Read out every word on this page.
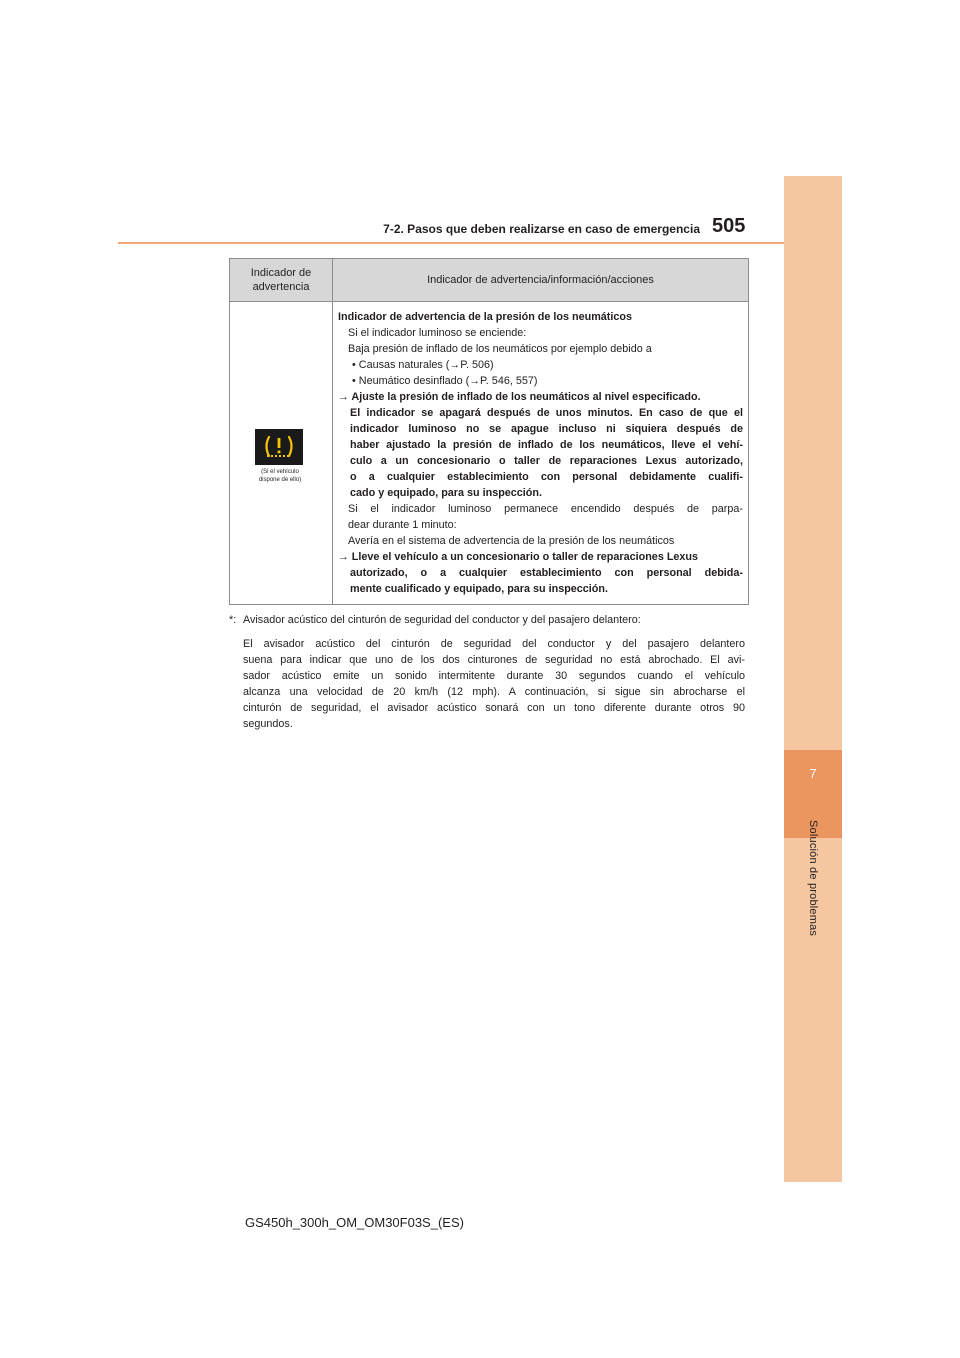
7
Solución de problemas
7-2. Pasos que deben realizarse en caso de emergencia 505
Indicador de advertencia
Indicador de advertencia/información/acciones
(Si el vehículo
dispone de ello)
Indicador de advertencia de la presión de los neumáticos
Si el indicador luminoso se enciende:
Baja presión de inflado de los neumáticos por ejemplo debido a
• Causas naturales (→P. 506)
• Neumático desinflado (→P. 546, 557)
→ Ajuste la presión de inflado de los neumáticos al nivel especificado.
El indicador se apagará después de unos minutos. En caso de que el
indicador luminoso no se apague incluso ni siquiera después de
haber ajustado la presión de inflado de los neumáticos, lleve el vehí-
culo a un concesionario o taller de reparaciones Lexus autorizado,
o a cualquier establecimiento con personal debidamente cualifi-
cado y equipado, para su inspección.
Si el indicador luminoso permanece encendido después de parpa-
dear durante 1 minuto:
Avería en el sistema de advertencia de la presión de los neumáticos
→ Lleve el vehículo a un concesionario o taller de reparaciones Lexus
autorizado, o a cualquier establecimiento con personal debida-
mente cualificado y equipado, para su inspección.
*: Avisador acústico del cinturón de seguridad del conductor y del pasajero delantero:
El avisador acústico del cinturón de seguridad del conductor y del pasajero delantero
suena para indicar que uno de los dos cinturones de seguridad no está abrochado. El avi-
sador acústico emite un sonido intermitente durante 30 segundos cuando el vehículo
alcanza una velocidad de 20 km/h (12 mph). A continuación, si sigue sin abrocharse el
cinturón de seguridad, el avisador acústico sonará con un tono diferente durante otros 90
segundos.
GS450h_300h_OM_OM30F03S_(ES)
